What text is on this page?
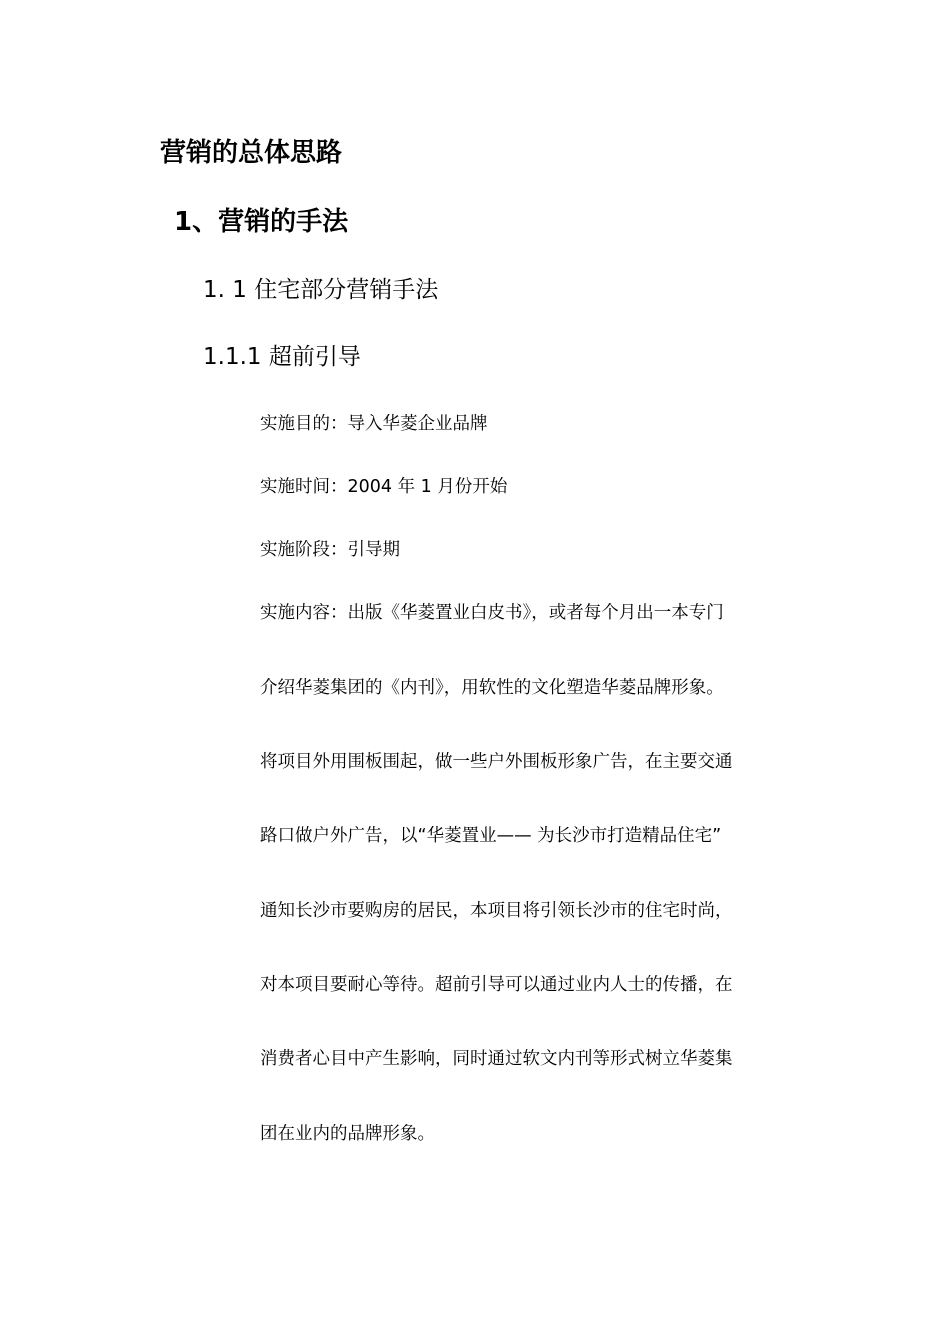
营销的总体思路
1、营销的手法
1. 1 住宅部分营销手法
1.1.1 超前引导
实施目的：导入华菱企业品牌
实施时间：2004 年 1 月份开始
实施阶段：引导期
实施内容：出版《华菱置业白皮书》，或者每个月出一本专门
介绍华菱集团的《内刊》，用软性的文化塑造华菱品牌形象。
将项目外用围板围起，做一些户外围板形象广告，在主要交通
路口做户外广告，以“华菱置业—— 为长沙市打造精品住宅”
通知长沙市要购房的居民，本项目将引领长沙市的住宅时尚，
对本项目要耐心等待。超前引导可以通过业内人士的传播，在
消费者心目中产生影响，同时通过软文内刊等形式树立华菱集
团在业内的品牌形象。
